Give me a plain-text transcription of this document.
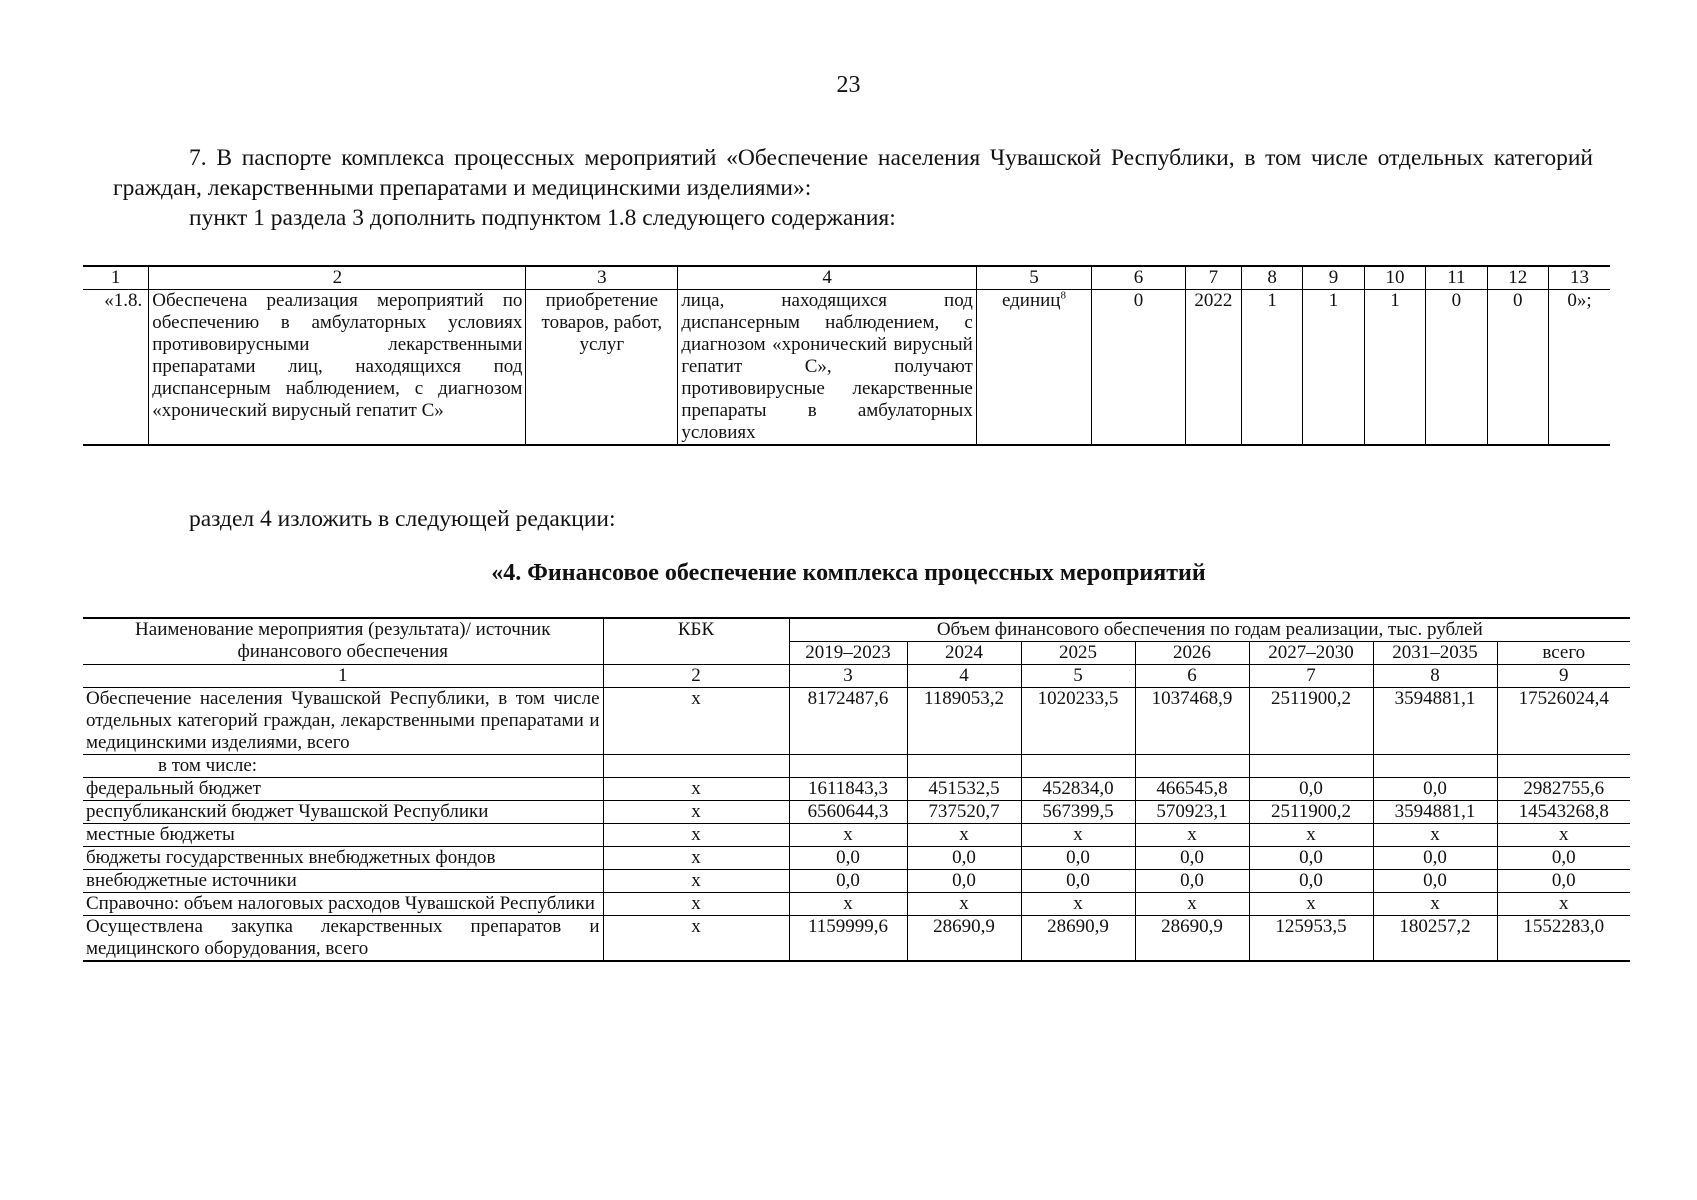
23
7. В паспорте комплекса процессных мероприятий «Обеспечение населения Чувашской Республики, в том числе отдельных категорий граждан, лекарственными препаратами и медицинскими изделиями»:
пункт 1 раздела 3 дополнить подпунктом 1.8 следующего содержания:
1	2	3	4	5	6	7	8	9	10	11	12	13
«1.8.	Обеспечена реализация мероприятий по обеспечению в амбулаторных условиях противовирусными лекарственными препаратами лиц, находящихся под диспансерным наблюдением, с диагнозом «хронический вирусный гепатит C»	приобретение товаров, работ, услуг	лица, находящихся под диспансерным наблюдением, с диагнозом «хронический вирусный гепатит C», получают противовирусные лекарственные препараты в амбулаторных условиях	единиц$^8$	0	2022	1	1	1	0	0	0»;
раздел 4 изложить в следующей редакции:
«4. Финансовое обеспечение комплекса процессных мероприятий
Наименование мероприятия (результата)/ источник финансового обеспечения	КБК	Объем финансового обеспечения по годам реализации, тыс. рублей						
		2019–2023	2024	2025	2026	2027–2030	2031–2035	всего
1	2	3	4	5	6	7	8	9
Обеспечение населения Чувашской Республики, в том числе отдельных категорий граждан, лекарственными препаратами и медицинскими изделиями, всего	x	8172487,6	1189053,2	1020233,5	1037468,9	2511900,2	3594881,1	17526024,4
в том числе:								
федеральный бюджет	x	1611843,3	451532,5	452834,0	466545,8	0,0	0,0	2982755,6
республиканский бюджет Чувашской Республики	x	6560644,3	737520,7	567399,5	570923,1	2511900,2	3594881,1	14543268,8
местные бюджеты	x	x	x	x	x	x	x	x
бюджеты государственных внебюджетных фондов	x	0,0	0,0	0,0	0,0	0,0	0,0	0,0
внебюджетные источники	x	0,0	0,0	0,0	0,0	0,0	0,0	0,0
Справочно: объем налоговых расходов Чувашской Республики	x	x	x	x	x	x	x	x
Осуществлена закупка лекарственных препаратов и медицинского оборудования, всего	x	1159999,6	28690,9	28690,9	28690,9	125953,5	180257,2	1552283,0
